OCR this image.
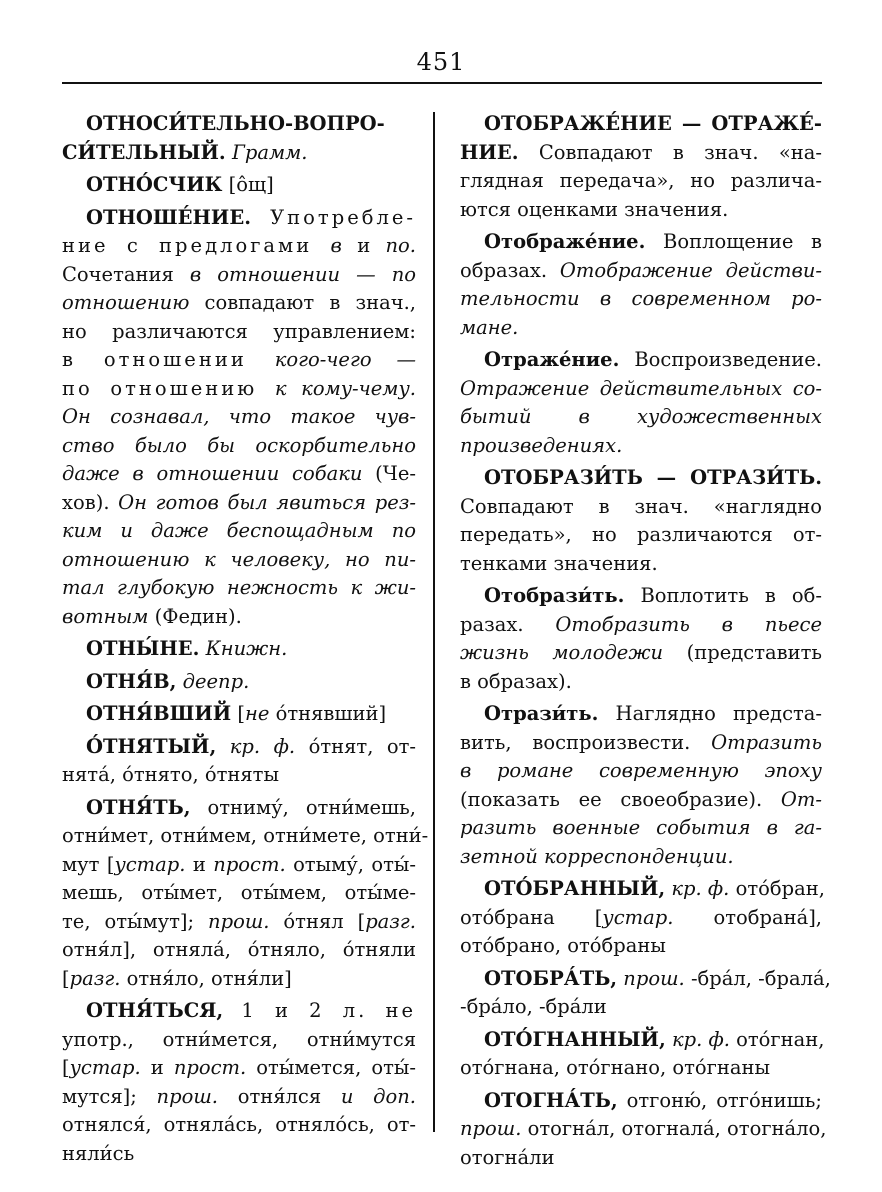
451
ОТНОСИ́ТЕЛЬНО-ВОПРО-
СИ́ТЕЛЬНЫЙ. Грамм.
ОТНО́СЧИК [о̂щ]
ОТНОШЕ́НИЕ. Употребле-
ние с предлогами в и по.
Сочетания в отношении — по
отношению совпадают в знач.,
но различаются управлением:
в отношении кого-чего —
по отношению к кому-чему.
Он сознавал, что такое чув-
ство было бы оскорбительно
даже в отношении собаки (Че-
хов). Он готов был явиться рез-
ким и даже беспощадным по
отношению к человеку, но пи-
тал глубокую нежность к жи-
вотным (Федин).
ОТНЫ́НЕ. Книжн.
ОТНЯ́В, деепр.
ОТНЯ́ВШИЙ [не о́тнявший]
О́ТНЯТЫЙ, кр. ф. о́тнят, от-
нята́, о́тнято, о́тняты
ОТНЯ́ТЬ, отниму́, отни́мешь,
отни́мет, отни́мем, отни́мете, отни́-
мут [устар. и прост. отыму́, оты́-
мешь, оты́мет, оты́мем, оты́ме-
те, оты́мут]; прош. о́тнял [разг.
отня́л], отняла́, о́тняло, о́тняли
[разг. отня́ло, отня́ли]
ОТНЯ́ТЬСЯ, 1 и 2 л. не
употр., отни́мется, отни́мутся
[устар. и прост. оты́мется, оты́-
мутся]; прош. отня́лся и доп.
отнялся́, отняла́сь, отняло́сь, от-
няли́сь
ОТОБРАЖЕ́НИЕ — ОТРАЖЕ́-
НИЕ. Совпадают в знач. «на-
глядная передача», но различа-
ются оценками значения.
Отображе́ние. Воплощение в
образах. Отображение действи-
тельности в современном ро-
мане.
Отраже́ние. Воспроизведение.
Отражение действительных со-
бытий в художественных
произведениях.
ОТОБРАЗИ́ТЬ — ОТРАЗИ́ТЬ.
Совпадают в знач. «наглядно
передать», но различаются от-
тенками значения.
Отобрази́ть. Воплотить в об-
разах. Отобразить в пьесе
жизнь молодежи (представить
в образах).
Отрази́ть. Наглядно предста-
вить, воспроизвести. Отразить
в романе современную эпоху
(показать ее своеобразие). От-
разить военные события в га-
зетной корреспонденции.
ОТО́БРАННЫЙ, кр. ф. ото́бран,
ото́брана [устар. отобрана́],
ото́брано, ото́браны
ОТОБРА́ТЬ, прош. -бра́л, -брала́,
-бра́ло, -бра́ли
ОТО́ГНАННЫЙ, кр. ф. ото́гнан,
ото́гнана, ото́гнано, ото́гнаны
ОТОГНА́ТЬ, отгоню́, отго́нишь;
прош. отогна́л, отогнала́, отогна́ло,
отогна́ли
